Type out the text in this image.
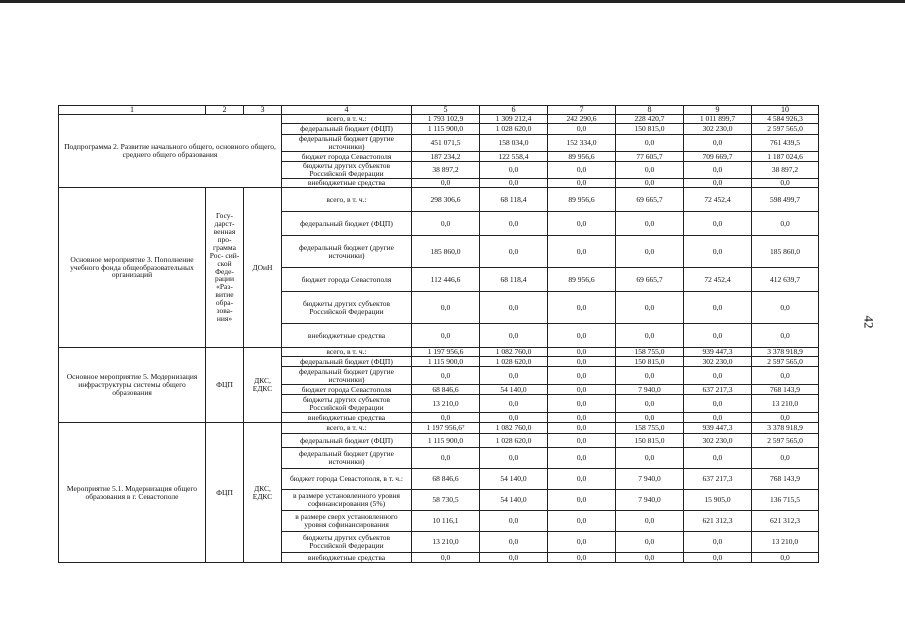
1	2	3	4	5	6	7	8	9	10
Подпрограмма 2. Развитие начального общего, основного общего, среднего общего образования			всего, в т. ч.:	1 793 102,9	1 309 212,4	242 290,6	228 420,7	1 011 899,7	4 584 926,3
			федеральный бюджет (ФЦП)	1 115 900,0	1 028 620,0	0,0	150 815,0	302 230,0	2 597 565,0
			федеральный бюджет (другие источники)	451 071,5	158 034,0	152 334,0	0,0	0,0	761 439,5
			бюджет города Севастополя	187 234,2	122 558,4	89 956,6	77 605,7	709 669,7	1 187 024,6
			бюджеты других субъектов Российской Федерации	38 897,2	0,0	0,0	0,0	0,0	38 897,2
			внебюджетные средства	0,0	0,0	0,0	0,0	0,0	0,0
Основное мероприятие 3. Пополнение учебного фонда общеобразовательных организаций	Госу- дарст- венная про- грамма Рос- сий- ской Феде- рации «Раз- витие обра- зова- ния»	ДОиН	всего, в т. ч.:	298 306,6	68 118,4	89 956,6	69 665,7	72 452,4	598 499,7
			федеральный бюджет (ФЦП)	0,0	0,0	0,0	0,0	0,0	0,0
			федеральный бюджет (другие источники)	185 860,0	0,0	0,0	0,0	0,0	185 860,0
			бюджет города Севастополя	112 446,6	68 118,4	89 956,6	69 665,7	72 452,4	412 639,7
			бюджеты других субъектов Российской Федерации	0,0	0,0	0,0	0,0	0,0	0,0
			внебюджетные средства	0,0	0,0	0,0	0,0	0,0	0,0
Основное мероприятие 5. Модернизация инфраструктуры системы общего образования	ФЦП	ДКС, ЕДКС	всего, в т. ч.:	1 197 956,6	1 082 760,0	0,0	158 755,0	939 447,3	3 378 918,9
			федеральный бюджет (ФЦП)	1 115 900,0	1 028 620,0	0,0	150 815,0	302 230,0	2 597 565,0
			федеральный бюджет (другие источники)	0,0	0,0	0,0	0,0	0,0	0,0
			бюджет города Севастополя	68 846,6	54 140,0	0,0	7 940,0	637 217,3	768 143,9
			бюджеты других субъектов Российской Федерации	13 210,0	0,0	0,0	0,0	0,0	13 210,0
			внебюджетные средства	0,0	0,0	0,0	0,0	0,0	0,0
Мероприятие 5.1. Модернизация общего образования в г. Севастополе	ФЦП	ДКС, ЕДКС	всего, в т. ч.:	1 197 956,6⁷	1 082 760,0	0,0	158 755,0	939 447,3	3 378 918,9
			федеральный бюджет (ФЦП)	1 115 900,0	1 028 620,0	0,0	150 815,0	302 230,0	2 597 565,0
			федеральный бюджет (другие источники)	0,0	0,0	0,0	0,0	0,0	0,0
			бюджет города Севастополя, в т. ч.:	68 846,6	54 140,0	0,0	7 940,0	637 217,3	768 143,9
			в размере установленного уровня софинансирования (5%)	58 730,5	54 140,0	0,0	7 940,0	15 905,0	136 715,5
			в размере сверх установленного уровня софинансирования	10 116,1	0,0	0,0	0,0	621 312,3	621 312,3
			бюджеты других субъектов Российской Федерации	13 210,0	0,0	0,0	0,0	0,0	13 210,0
			внебюджетные средства	0,0	0,0	0,0	0,0	0,0	0,0
42
